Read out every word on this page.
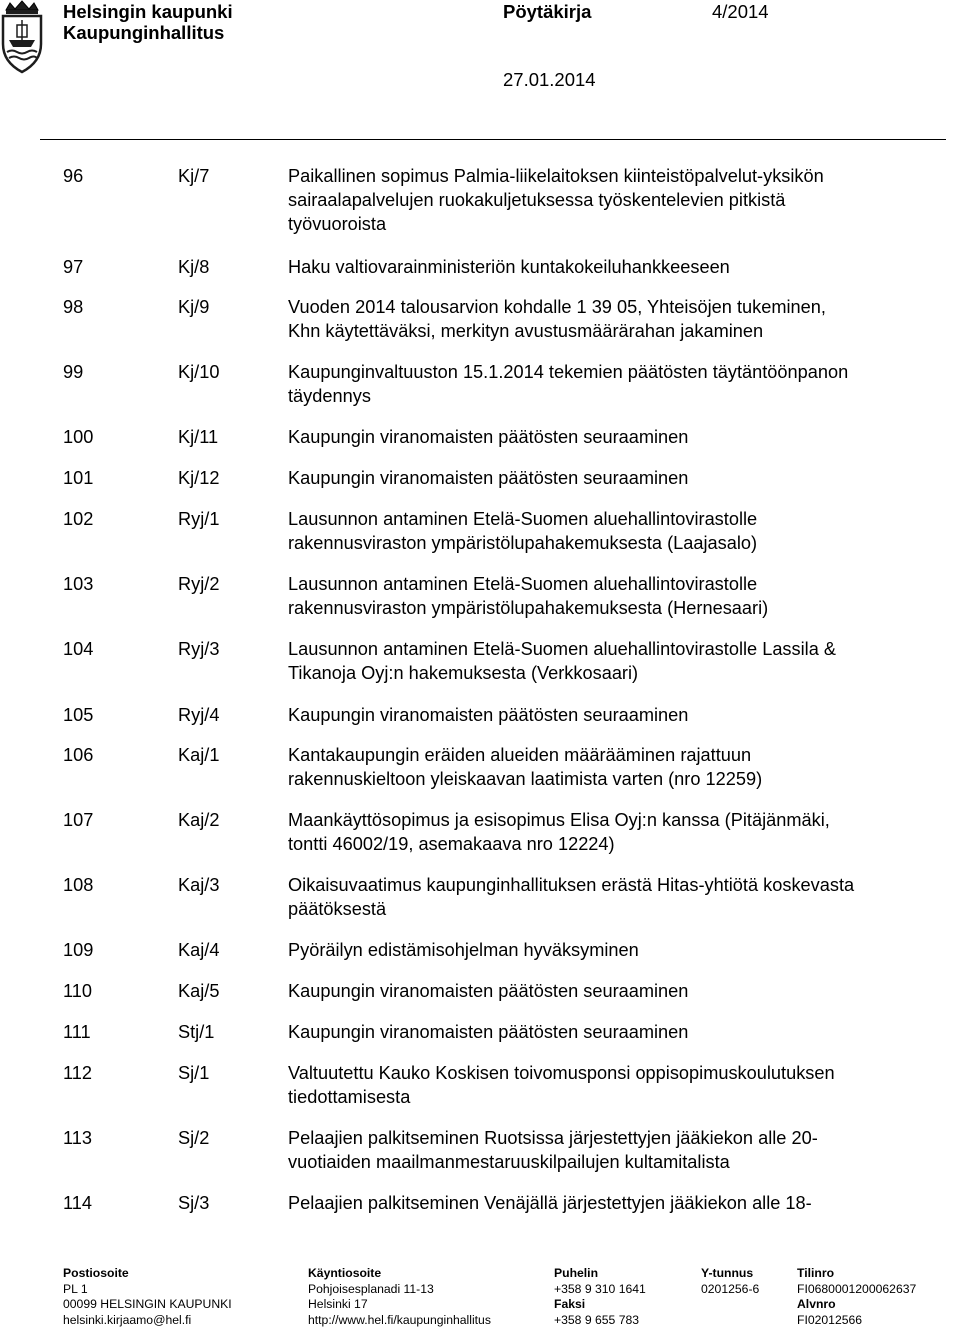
Helsingin kaupunki
Kaupunginhallitus
Pöytäkirja	4/2014
27.01.2014
96	Kj/7	Paikallinen sopimus Palmia-liikelaitoksen kiinteistöpalvelut-yksikön
sairaalapalvelujen ruokakuljetuksessa työskentelevien pitkistä
työvuoroista
97	Kj/8	Haku valtiovarainministeriön kuntakokeiluhankkeeseen
98	Kj/9	Vuoden 2014 talousarvion kohdalle 1 39 05, Yhteisöjen tukeminen,
Khn käytettäväksi, merkityn avustusmäärärahan jakaminen
99	Kj/10	Kaupunginvaltuuston 15.1.2014 tekemien päätösten täytäntöönpanon
täydennys
100	Kj/11	Kaupungin viranomaisten päätösten seuraaminen
101	Kj/12	Kaupungin viranomaisten päätösten seuraaminen
102	Ryj/1	Lausunnon antaminen Etelä-Suomen aluehallintovirastolle
rakennusviraston ympäristölupahakemuksesta (Laajasalo)
103	Ryj/2	Lausunnon antaminen Etelä-Suomen aluehallintovirastolle
rakennusviraston ympäristölupahakemuksesta (Hernesaari)
104	Ryj/3	Lausunnon antaminen Etelä-Suomen aluehallintovirastolle Lassila &
Tikanoja Oyj:n hakemuksesta (Verkkosaari)
105	Ryj/4	Kaupungin viranomaisten päätösten seuraaminen
106	Kaj/1	Kantakaupungin eräiden alueiden määrääminen rajattuun
rakennuskieltoon yleiskaavan laatimista varten (nro 12259)
107	Kaj/2	Maankäyttösopimus ja esisopimus Elisa Oyj:n kanssa (Pitäjänmäki,
tontti 46002/19, asemakaava nro 12224)
108	Kaj/3	Oikaisuvaatimus kaupunginhallituksen erästä Hitas-yhtiötä koskevasta
päätöksestä
109	Kaj/4	Pyöräilyn edistämisohjelman hyväksyminen
110	Kaj/5	Kaupungin viranomaisten päätösten seuraaminen
111	Stj/1	Kaupungin viranomaisten päätösten seuraaminen
112	Sj/1	Valtuutettu Kauko Koskisen toivomusponsi oppisopimuskoulutuksen
tiedottamisesta
113	Sj/2	Pelaajien palkitseminen Ruotsissa järjestettyjen jääkiekon alle 20-
vuotiaiden maailmanmestaruuskilpailujen kultamitalista
114	Sj/3	Pelaajien palkitseminen Venäjällä järjestettyjen jääkiekon alle 18-
Postiosoite
PL 1
00099 HELSINGIN KAUPUNKI
helsinki.kirjaamo@hel.fi
Käyntiosoite
Pohjoisesplanadi 11-13
Helsinki 17
http://www.hel.fi/kaupunginhallitus
Puhelin
+358 9 310 1641
Faksi
+358 9 655 783
Y-tunnus
0201256-6
Tilinro
FI0680001200062637
Alvnro
FI02012566
